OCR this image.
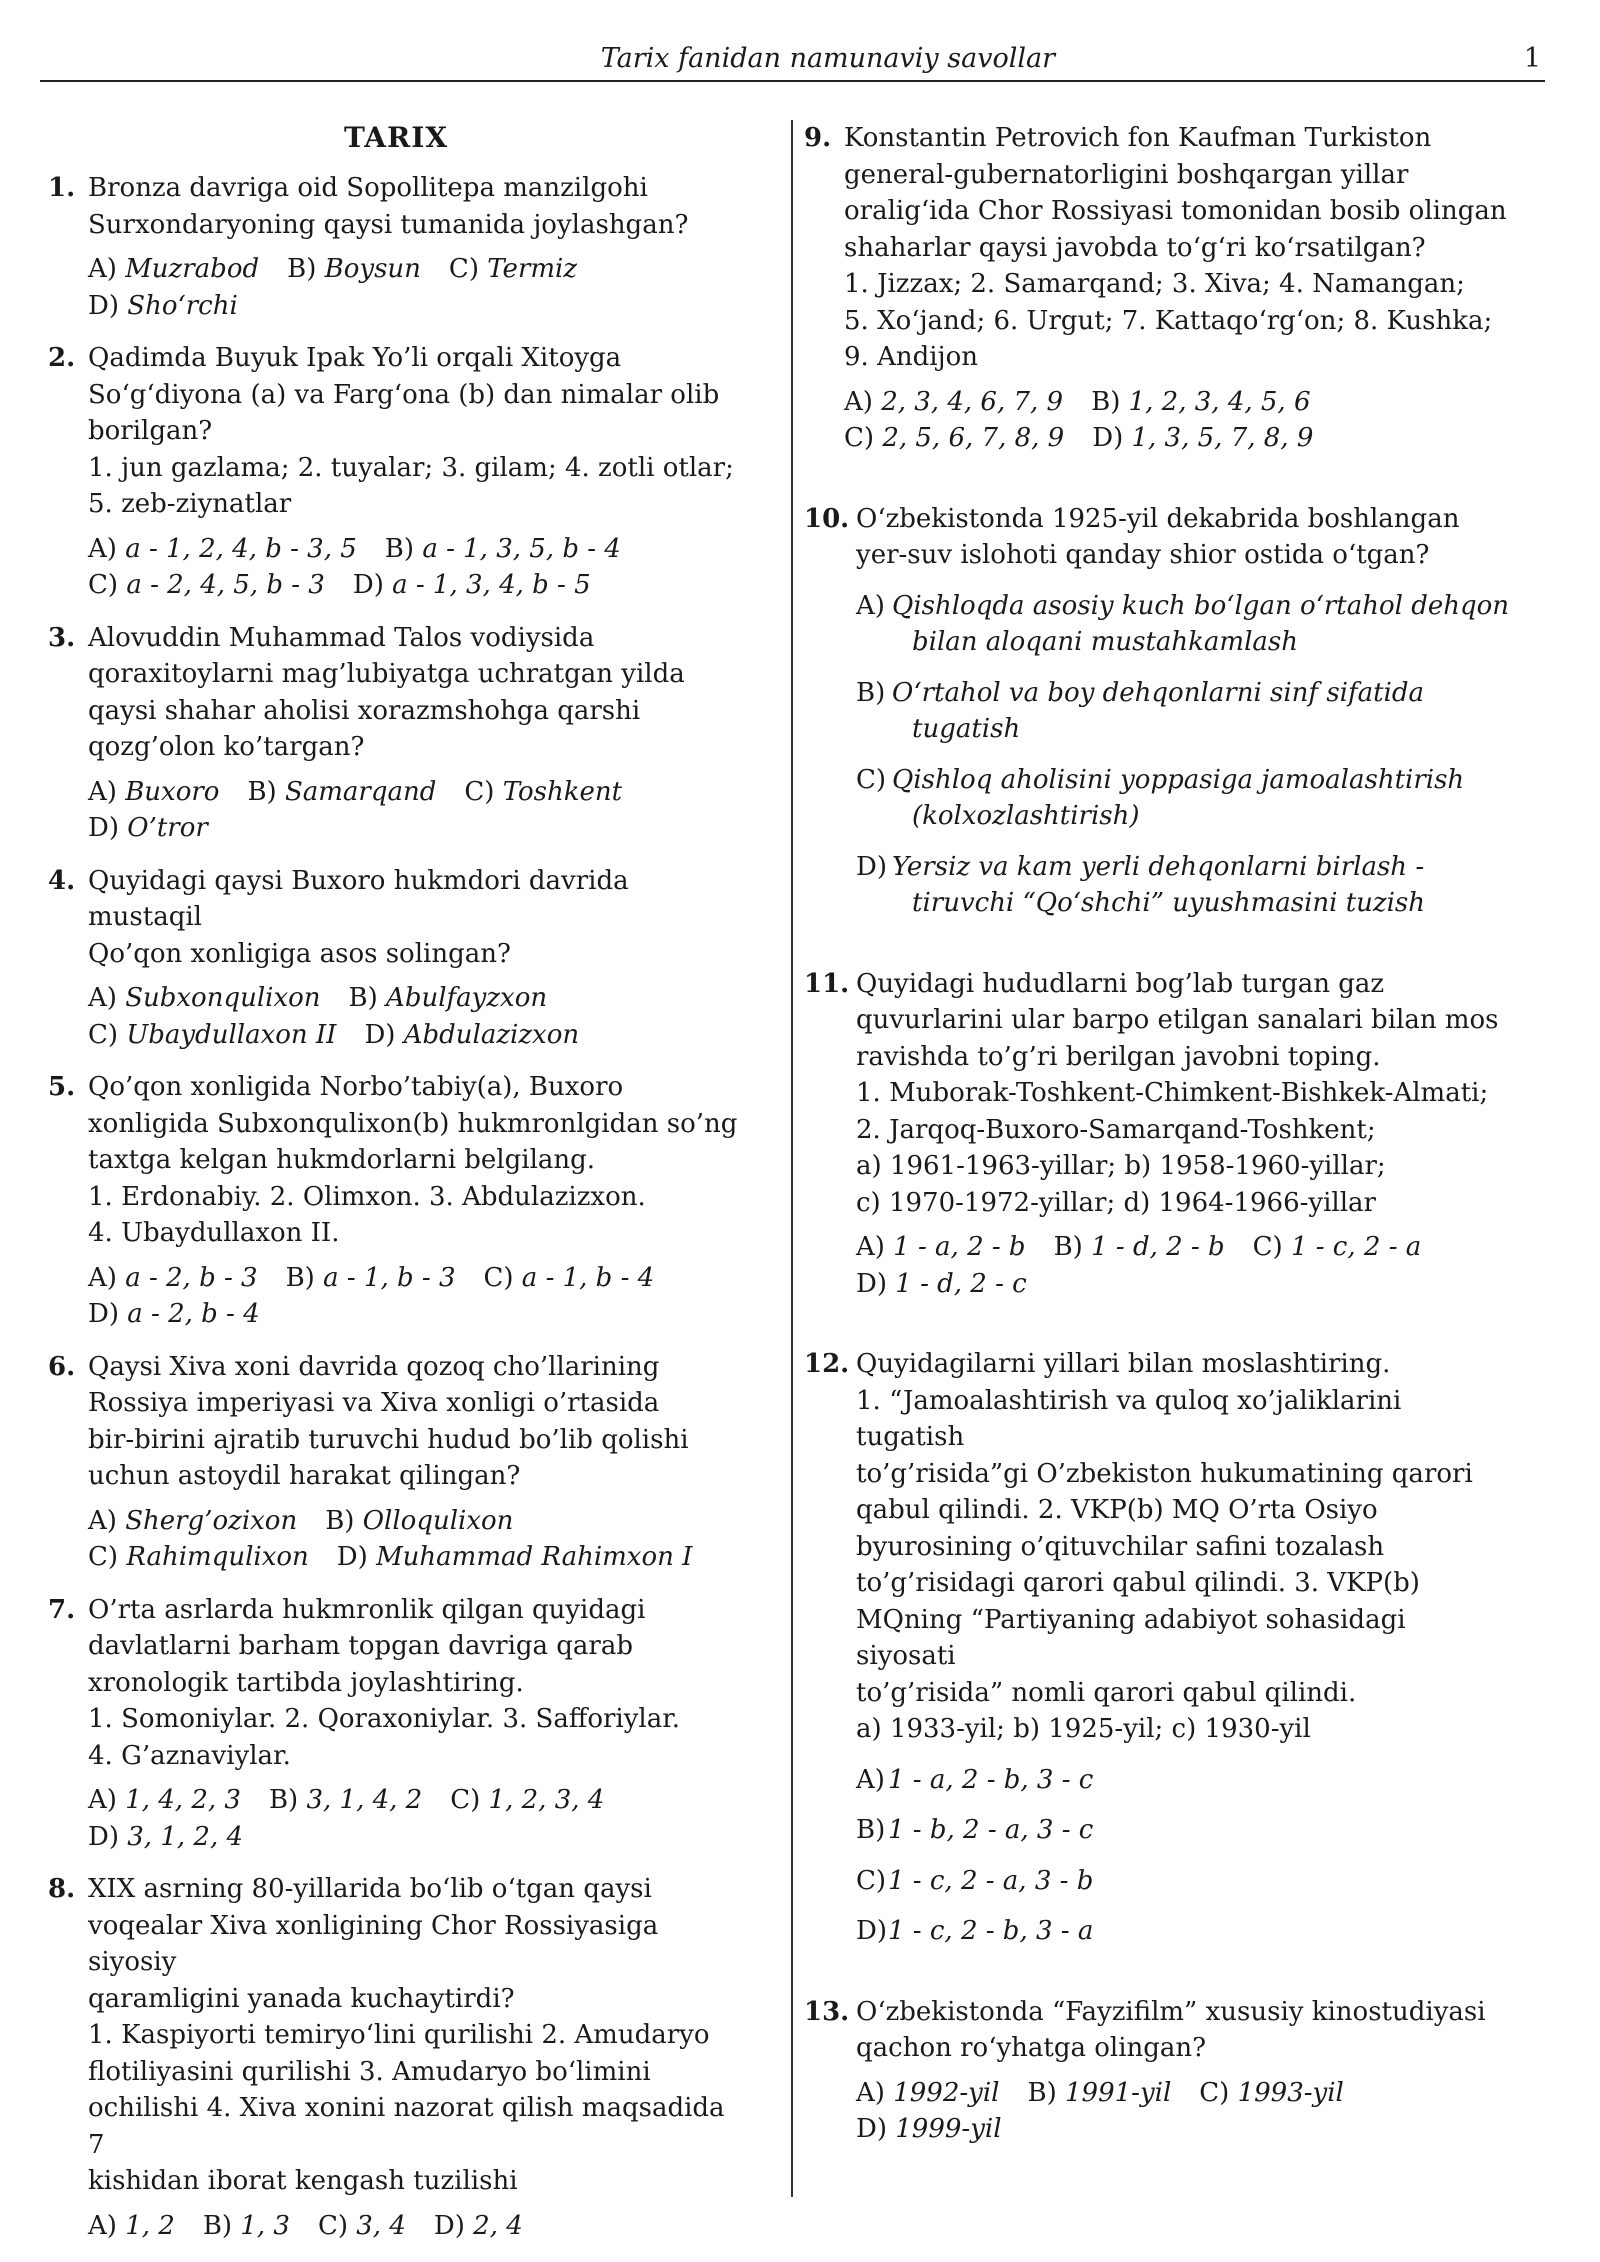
Tarix fanidan namunaviy savollar	1
TARIX
1. Bronza davriga oid Sopollitepa manzilgohi
Surxondaryoning qaysi tumanida joylashgan?
A) Muzrabod B) Boysun C) Termiz
D) Sho‘rchi
2. Qadimda Buyuk Ipak Yo’li orqali Xitoyga
So‘g‘diyona (a) va Farg‘ona (b) dan nimalar olib
borilgan?
1. jun gazlama; 2. tuyalar; 3. gilam; 4. zotli otlar;
5. zeb-ziynatlar
A) a - 1, 2, 4, b - 3, 5 B) a - 1, 3, 5, b - 4
C) a - 2, 4, 5, b - 3 D) a - 1, 3, 4, b - 5
3. Alovuddin Muhammad Talos vodiysida
qoraxitoylarni mag’lubiyatga uchratgan yilda
qaysi shahar aholisi xorazmshohga qarshi
qozg’olon ko’targan?
A) Buxoro B) Samarqand C) Toshkent
D) O’tror
4. Quyidagi qaysi Buxoro hukmdori davrida mustaqil
Qo’qon xonligiga asos solingan?
A) Subxonqulixon B) Abulfayzxon
C) Ubaydullaxon II D) Abdulazizxon
5. Qo’qon xonligida Norbo’tabiy(a), Buxoro
xonligida Subxonqulixon(b) hukmronlgidan so’ng
taxtga kelgan hukmdorlarni belgilang.
1. Erdonabiy. 2. Olimxon. 3. Abdulazizxon.
4. Ubaydullaxon II.
A) a - 2, b - 3 B) a - 1, b - 3 C) a - 1, b - 4
D) a - 2, b - 4
6. Qaysi Xiva xoni davrida qozoq cho’llarining
Rossiya imperiyasi va Xiva xonligi o’rtasida
bir-birini ajratib turuvchi hudud bo’lib qolishi
uchun astoydil harakat qilingan?
A) Sherg’ozixon B) Olloqulixon
C) Rahimqulixon D) Muhammad Rahimxon I
7. O’rta asrlarda hukmronlik qilgan quyidagi
davlatlarni barham topgan davriga qarab
xronologik tartibda joylashtiring.
1. Somoniylar. 2. Qoraxoniylar. 3. Safforiylar.
4. G’aznaviylar.
A) 1, 4, 2, 3 B) 3, 1, 4, 2 C) 1, 2, 3, 4
D) 3, 1, 2, 4
8. XIX asrning 80-yillarida bo‘lib o‘tgan qaysi
voqealar Xiva xonligining Chor Rossiyasiga siyosiy
qaramligini yanada kuchaytirdi?
1. Kaspiyorti temiryo‘lini qurilishi 2. Amudaryo
flotiliyasini qurilishi 3. Amudaryo bo‘limini
ochilishi 4. Xiva xonini nazorat qilish maqsadida 7
kishidan iborat kengash tuzilishi
A) 1, 2 B) 1, 3 C) 3, 4 D) 2, 4
9. Konstantin Petrovich fon Kaufman Turkiston
general-gubernatorligini boshqargan yillar
oralig‘ida Chor Rossiyasi tomonidan bosib olingan
shaharlar qaysi javobda to‘g‘ri ko‘rsatilgan?
1. Jizzax; 2. Samarqand; 3. Xiva; 4. Namangan;
5. Xo‘jand; 6. Urgut; 7. Kattaqo‘rg‘on; 8. Kushka;
9. Andijon
A) 2, 3, 4, 6, 7, 9 B) 1, 2, 3, 4, 5, 6
C) 2, 5, 6, 7, 8, 9 D) 1, 3, 5, 7, 8, 9
10. O‘zbekistonda 1925-yil dekabrida boshlangan
yer-suv islohoti qanday shior ostida o‘tgan?
A) Qishloqda asosiy kuch bo‘lgan o‘rtahol dehqon
bilan aloqani mustahkamlash
B) O‘rtahol va boy dehqonlarni sinf sifatida
tugatish
C) Qishloq aholisini yoppasiga jamoalashtirish
(kolxozlashtirish)
D) Yersiz va kam yerli dehqonlarni birlash -
tiruvchi “Qo‘shchi” uyushmasini tuzish
11. Quyidagi hududlarni bog’lab turgan gaz
quvurlarini ular barpo etilgan sanalari bilan mos
ravishda to’g’ri berilgan javobni toping.
1. Muborak-Toshkent-Chimkent-Bishkek-Almati;
2. Jarqoq-Buxoro-Samarqand-Toshkent;
a) 1961-1963-yillar; b) 1958-1960-yillar;
c) 1970-1972-yillar; d) 1964-1966-yillar
A) 1 - a, 2 - b B) 1 - d, 2 - b C) 1 - c, 2 - a
D) 1 - d, 2 - c
12. Quyidagilarni yillari bilan moslashtiring.
1. “Jamoalashtirish va quloq xo’jaliklarini tugatish
to’g’risida”gi O’zbekiston hukumatining qarori
qabul qilindi. 2. VKP(b) MQ O’rta Osiyo
byurosining o’qituvchilar safini tozalash
to’g’risidagi qarori qabul qilindi. 3. VKP(b)
MQning “Partiyaning adabiyot sohasidagi siyosati
to’g’risida” nomli qarori qabul qilindi.
a) 1933-yil; b) 1925-yil; c) 1930-yil
A) 1 - a, 2 - b, 3 - c
B) 1 - b, 2 - a, 3 - c
C) 1 - c, 2 - a, 3 - b
D) 1 - c, 2 - b, 3 - a
13. O‘zbekistonda “Fayzifilm” xususiy kinostudiyasi
qachon ro‘yhatga olingan?
A) 1992-yil B) 1991-yil C) 1993-yil
D) 1999-yil
